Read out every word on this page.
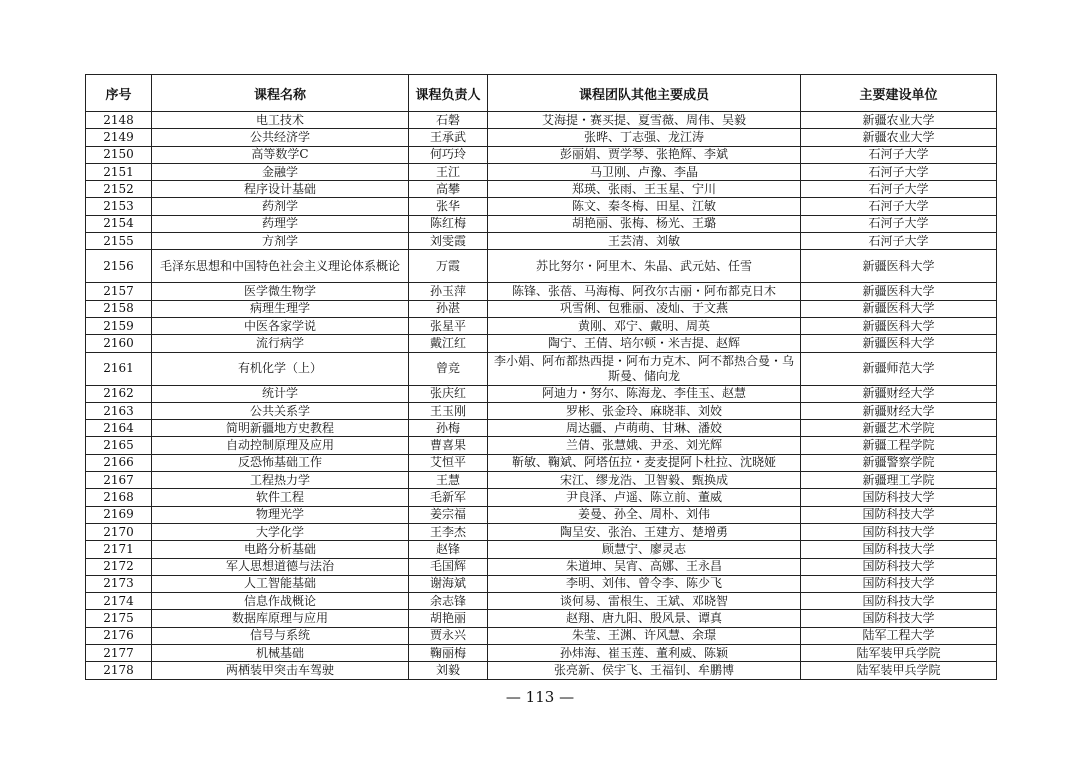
序号	课程名称	课程负责人	课程团队其他主要成员	主要建设单位
2148	电工技术	石磐	艾海提・赛买提、夏雪薇、周伟、吴毅	新疆农业大学
2149	公共经济学	王承武	张晔、丁志强、龙江涛	新疆农业大学
2150	高等数学C	何巧玲	彭丽娟、贾学琴、张艳辉、李斌	石河子大学
2151	金融学	王江	马卫刚、卢豫、李晶	石河子大学
2152	程序设计基础	高攀	郑瑛、张雨、王玉星、宁川	石河子大学
2153	药剂学	张华	陈文、秦冬梅、田星、江敏	石河子大学
2154	药理学	陈红梅	胡艳丽、张梅、杨光、王璐	石河子大学
2155	方剂学	刘雯霞	王芸清、刘敏	石河子大学
2156	毛泽东思想和中国特色社会主义理论体系概论	万霞	苏比努尔・阿里木、朱晶、武元姑、任雪	新疆医科大学
2157	医学微生物学	孙玉萍	陈锋、张蓓、马海梅、阿孜尔古丽・阿布都克日木	新疆医科大学
2158	病理生理学	孙湛	巩雪俐、包雅丽、凌灿、于文燕	新疆医科大学
2159	中医各家学说	张星平	黄刚、邓宁、戴明、周英	新疆医科大学
2160	流行病学	戴江红	陶宁、王倩、培尔顿・米吉提、赵辉	新疆医科大学
2161	有机化学（上）	曾竞	李小娟、阿布都热西提・阿布力克木、阿不都热合曼・乌斯曼、储向龙	新疆师范大学
2162	统计学	张庆红	阿迪力・努尔、陈海龙、李佳玉、赵慧	新疆财经大学
2163	公共关系学	王玉刚	罗彬、张金玲、麻晓菲、刘姣	新疆财经大学
2164	简明新疆地方史教程	孙梅	周达疆、卢萌萌、甘琳、潘姣	新疆艺术学院
2165	自动控制原理及应用	曹喜果	兰倩、张慧娥、尹丞、刘光辉	新疆工程学院
2166	反恐怖基础工作	艾恒平	靳敏、鞠斌、阿塔伍拉・麦麦提阿卜杜拉、沈晓娅	新疆警察学院
2167	工程热力学	王慧	宋江、缪龙浩、卫智毅、甄换成	新疆理工学院
2168	软件工程	毛新军	尹良泽、卢遥、陈立前、董威	国防科技大学
2169	物理光学	姜宗福	姜曼、孙全、周朴、刘伟	国防科技大学
2170	大学化学	王李杰	陶呈安、张治、王建方、楚增勇	国防科技大学
2171	电路分析基础	赵锋	顾慧宁、廖灵志	国防科技大学
2172	军人思想道德与法治	毛国辉	朱道坤、吴宵、高娜、王永昌	国防科技大学
2173	人工智能基础	谢海斌	李明、刘伟、曾令李、陈少飞	国防科技大学
2174	信息作战概论	余志锋	谈何易、雷根生、王斌、邓晓智	国防科技大学
2175	数据库原理与应用	胡艳丽	赵翔、唐九阳、殷风景、谭真	国防科技大学
2176	信号与系统	贾永兴	朱莹、王渊、许风慧、余璟	陆军工程大学
2177	机械基础	鞠丽梅	孙炜海、崔玉莲、董利威、陈颖	陆军装甲兵学院
2178	两栖装甲突击车驾驶	刘毅	张亮新、侯宇飞、王福钊、牟鹏博	陆军装甲兵学院
— 113 —
